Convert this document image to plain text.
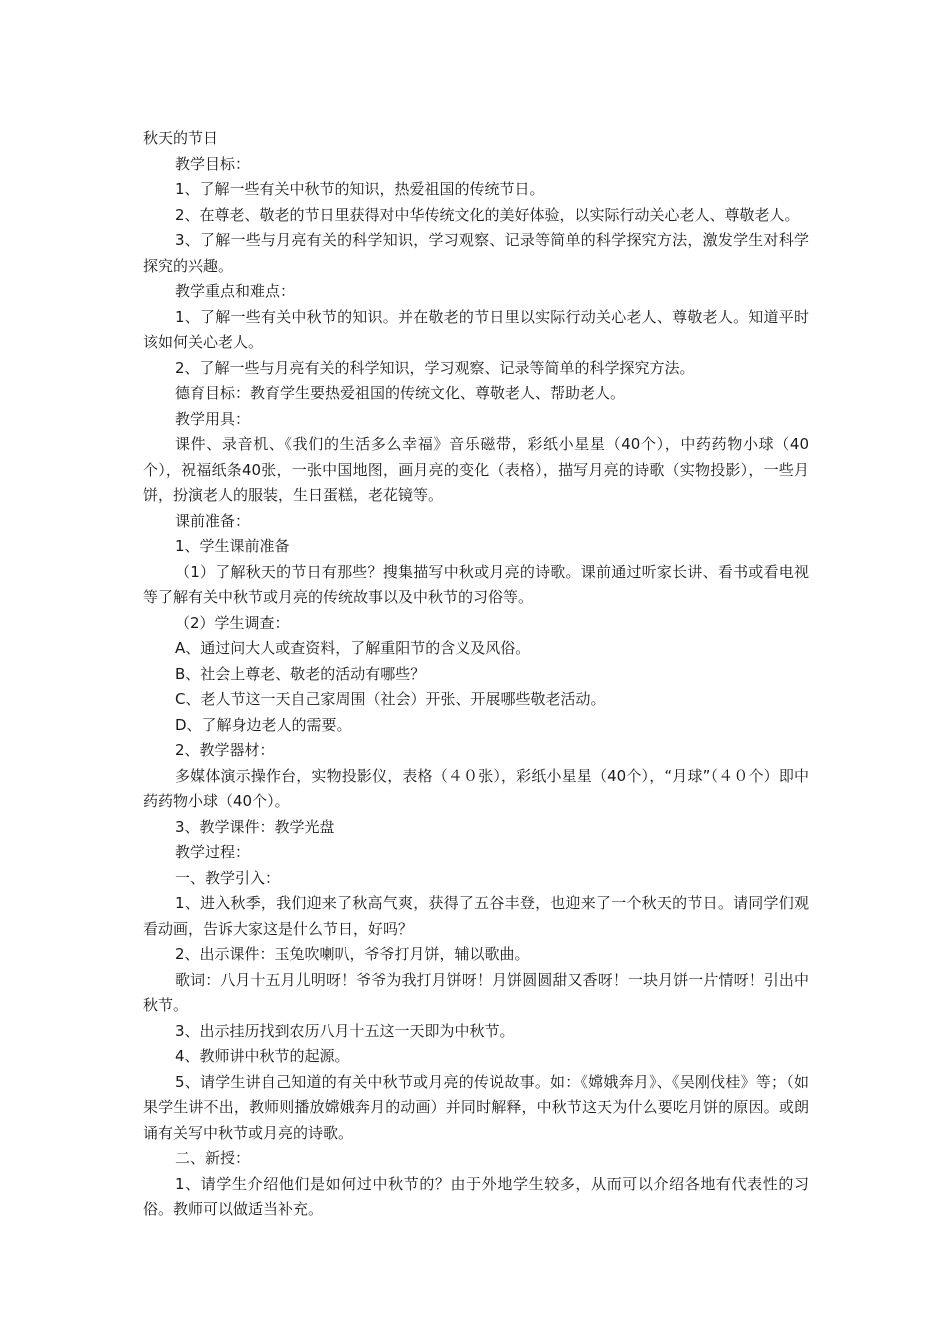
秋天的节日

教学目标：

1、了解一些有关中秋节的知识，热爱祖国的传统节日。

2、在尊老、敬老的节日里获得对中华传统文化的美好体验，以实际行动关心老人、尊敬老人。

3、了解一些与月亮有关的科学知识，学习观察、记录等简单的科学探究方法，激发学生对科学探究的兴趣。

教学重点和难点：

1、了解一些有关中秋节的知识。并在敬老的节日里以实际行动关心老人、尊敬老人。知道平时该如何关心老人。

2、了解一些与月亮有关的科学知识，学习观察、记录等简单的科学探究方法。

德育目标：教育学生要热爱祖国的传统文化、尊敬老人、帮助老人。

教学用具：

课件、录音机、《我们的生活多么幸福》音乐磁带，彩纸小星星（40个），中药药物小球（40个），祝福纸条40张，一张中国地图，画月亮的变化（表格），描写月亮的诗歌（实物投影），一些月饼，扮演老人的服装，生日蛋糕，老花镜等。

课前准备：

1、学生课前准备

（1）了解秋天的节日有那些？搜集描写中秋或月亮的诗歌。课前通过听家长讲、看书或看电视等了解有关中秋节或月亮的传统故事以及中秋节的习俗等。

（2）学生调查：

A、通过问大人或查资料，了解重阳节的含义及风俗。

B、社会上尊老、敬老的活动有哪些？

C、老人节这一天自己家周围（社会）开张、开展哪些敬老活动。

D、了解身边老人的需要。

2、教学器材：

多媒体演示操作台，实物投影仪，表格（４０张），彩纸小星星（40个），“月球”（４０个）即中药药物小球（40个）。

3、教学课件：教学光盘

教学过程：

一、教学引入：

1、进入秋季，我们迎来了秋高气爽，获得了五谷丰登，也迎来了一个秋天的节日。请同学们观看动画，告诉大家这是什么节日，好吗？

2、出示课件：玉兔吹喇叭，爷爷打月饼，辅以歌曲。

歌词：八月十五月儿明呀！爷爷为我打月饼呀！月饼圆圆甜又香呀！一块月饼一片情呀！引出中秋节。

3、出示挂历找到农历八月十五这一天即为中秋节。

4、教师讲中秋节的起源。

5、请学生讲自己知道的有关中秋节或月亮的传说故事。如：《嫦娥奔月》、《吴刚伐桂》等；（如果学生讲不出，教师则播放嫦娥奔月的动画）并同时解释，中秋节这天为什么要吃月饼的原因。或朗诵有关写中秋节或月亮的诗歌。

二、新授：

1、请学生介绍他们是如何过中秋节的？由于外地学生较多，从而可以介绍各地有代表性的习俗。教师可以做适当补充。
